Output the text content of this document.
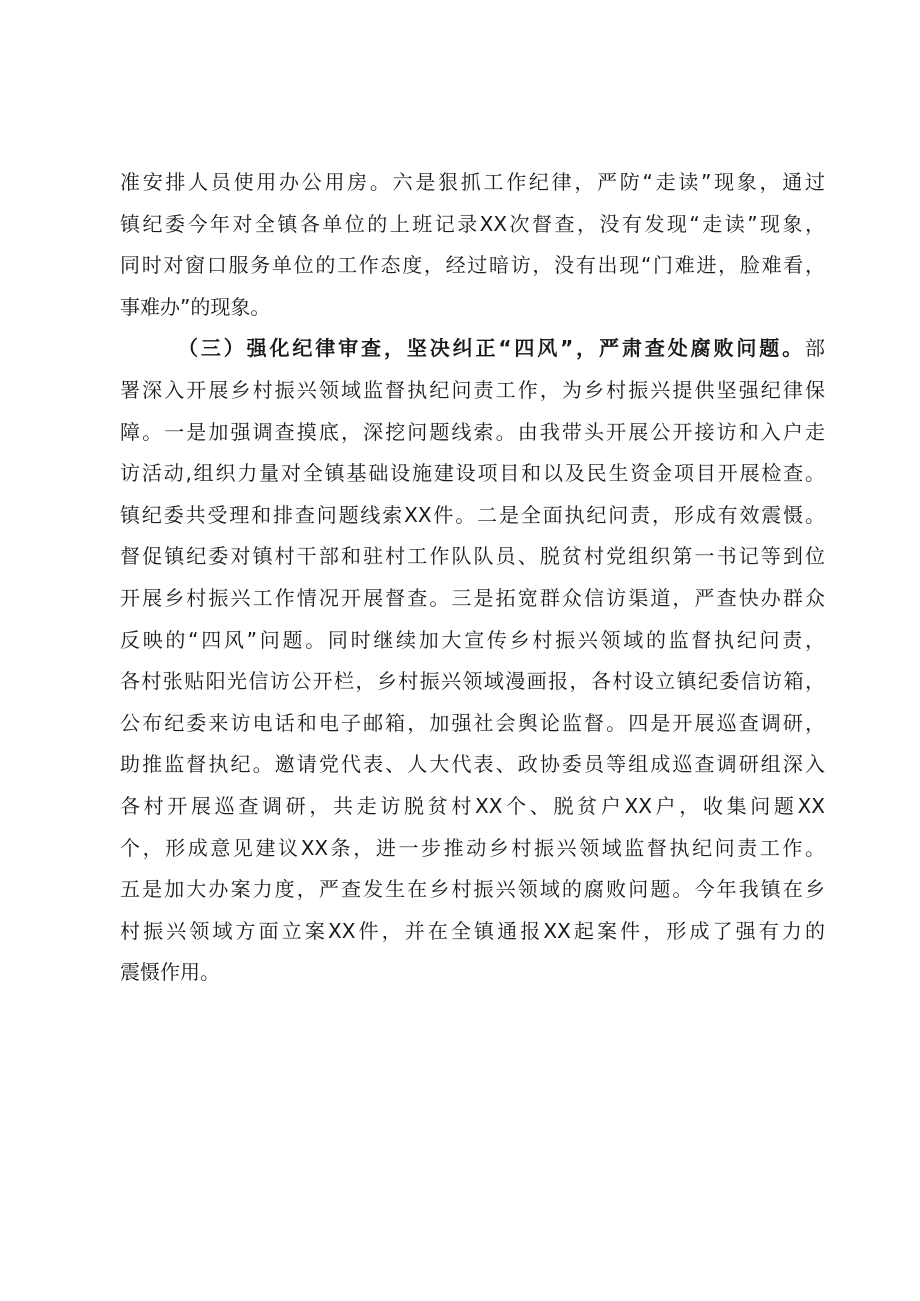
准安排人员使用办公用房。六是狠抓工作纪律，严防“走读”现象，通过
镇纪委今年对全镇各单位的上班记录XX次督查，没有发现“走读”现象，
同时对窗口服务单位的工作态度，经过暗访，没有出现“门难进，脸难看，
事难办”的现象。
（三）强化纪律审查，坚决纠正“四风”，严肃查处腐败问题。部
署深入开展乡村振兴领域监督执纪问责工作，为乡村振兴提供坚强纪律保
障。一是加强调查摸底，深挖问题线索。由我带头开展公开接访和入户走
访活动,组织力量对全镇基础设施建设项目和以及民生资金项目开展检查。
镇纪委共受理和排查问题线索XX件。二是全面执纪问责，形成有效震慑。
督促镇纪委对镇村干部和驻村工作队队员、脱贫村党组织第一书记等到位
开展乡村振兴工作情况开展督查。三是拓宽群众信访渠道，严查快办群众
反映的“四风”问题。同时继续加大宣传乡村振兴领域的监督执纪问责，
各村张贴阳光信访公开栏，乡村振兴领域漫画报，各村设立镇纪委信访箱，
公布纪委来访电话和电子邮箱，加强社会舆论监督。四是开展巡查调研，
助推监督执纪。邀请党代表、人大代表、政协委员等组成巡查调研组深入
各村开展巡查调研，共走访脱贫村XX个、脱贫户XX户，收集问题XX
个，形成意见建议XX条，进一步推动乡村振兴领域监督执纪问责工作。
五是加大办案力度，严查发生在乡村振兴领域的腐败问题。今年我镇在乡
村振兴领域方面立案XX件，并在全镇通报XX起案件，形成了强有力的
震慑作用。
